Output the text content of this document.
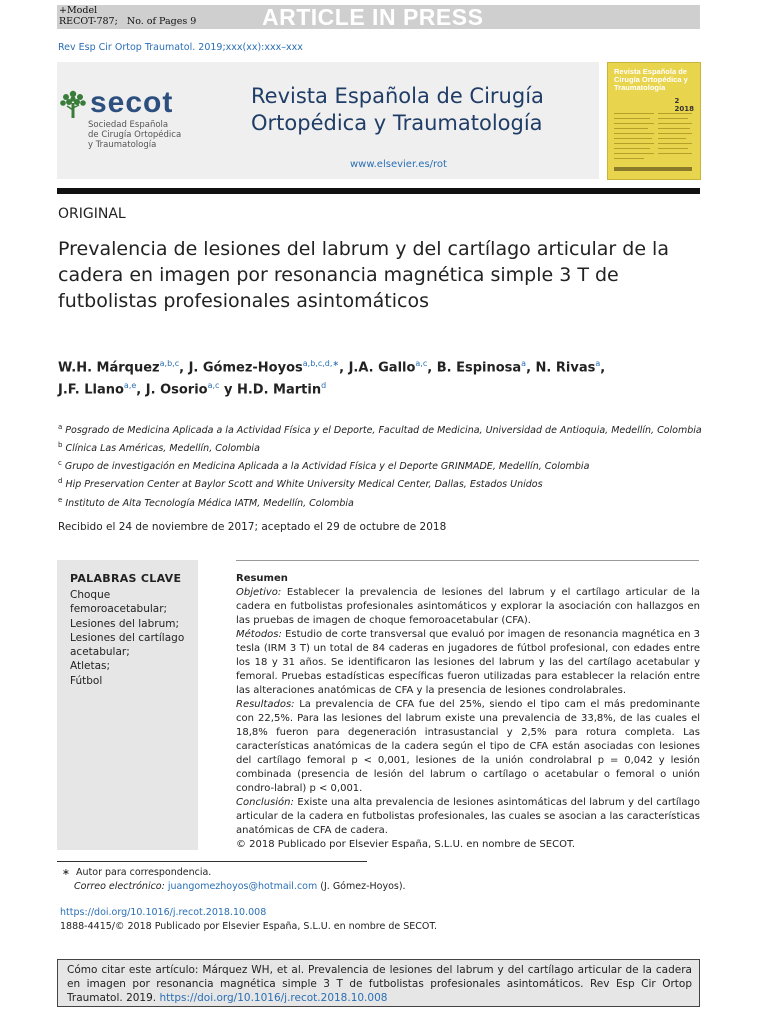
+Model
RECOT-787; No. of Pages 9	ARTICLE IN PRESS
Rev Esp Cir Ortop Traumatol. 2019;xxx(xx):xxx–xxx
secot
Sociedad Española
de Cirugía Ortopédica
y Traumatología
Revista Española de Cirugía
Ortopédica y Traumatología
www.elsevier.es/rot
Revista Española de Cirugía Ortopédica y Traumatología
2
2018
ORIGINAL
Prevalencia de lesiones del labrum y del cartílago articular de la cadera en imagen por resonancia magnética simple 3 T de futbolistas profesionales asintomáticos
W.H. Márquez$^{a,b,c}$, J. Gómez-Hoyos$^{a,b,c,d,∗}$, J.A. Gallo$^{a,c}$, B. Espinosa$^a$, N. Rivas$^a$,
J.F. Llano$^{a,e}$, J. Osorio$^{a,c}$ y H.D. Martin$^d$
$^a$ Posgrado de Medicina Aplicada a la Actividad Física y el Deporte, Facultad de Medicina, Universidad de Antioquia, Medellín, Colombia
$^b$ Clínica Las Américas, Medellín, Colombia
$^c$ Grupo de investigación en Medicina Aplicada a la Actividad Física y el Deporte GRINMADE, Medellín, Colombia
$^d$ Hip Preservation Center at Baylor Scott and White University Medical Center, Dallas, Estados Unidos
$^e$ Instituto de Alta Tecnología Médica IATM, Medellín, Colombia
Recibido el 24 de noviembre de 2017; aceptado el 29 de octubre de 2018
PALABRAS CLAVE
Choque
femoroacetabular;
Lesiones del labrum;
Lesiones del cartílago
acetabular;
Atletas;
Fútbol
Resumen
Objetivo: Establecer la prevalencia de lesiones del labrum y el cartílago articular de la cadera en futbolistas profesionales asintomáticos y explorar la asociación con hallazgos en las pruebas de imagen de choque femoroacetabular (CFA).
Métodos: Estudio de corte transversal que evaluó por imagen de resonancia magnética en 3 tesla (IRM 3 T) un total de 84 caderas en jugadores de fútbol profesional, con edades entre los 18 y 31 años. Se identificaron las lesiones del labrum y las del cartílago acetabular y femoral. Pruebas estadísticas específicas fueron utilizadas para establecer la relación entre las alteraciones anatómicas de CFA y la presencia de lesiones condrolabrales.
Resultados: La prevalencia de CFA fue del 25%, siendo el tipo cam el más predominante con 22,5%. Para las lesiones del labrum existe una prevalencia de 33,8%, de las cuales el 18,8% fueron para degeneración intrasustancial y 2,5% para rotura completa. Las características anatómicas de la cadera según el tipo de CFA están asociadas con lesiones del cartílago femoral p < 0,001, lesiones de la unión condrolabral p = 0,042 y lesión combinada (presencia de lesión del labrum o cartílago o acetabular o femoral o unión condro-labral) p < 0,001.
Conclusión: Existe una alta prevalencia de lesiones asintomáticas del labrum y del cartílago articular de la cadera en futbolistas profesionales, las cuales se asocian a las características anatómicas de CFA de cadera.
© 2018 Publicado por Elsevier España, S.L.U. en nombre de SECOT.
∗ Autor para correspondencia.
Correo electrónico: juangomezhoyos@hotmail.com (J. Gómez-Hoyos).
https://doi.org/10.1016/j.recot.2018.10.008
1888-4415/© 2018 Publicado por Elsevier España, S.L.U. en nombre de SECOT.
Cómo citar este artículo: Márquez WH, et al. Prevalencia de lesiones del labrum y del cartílago articular de la cadera en imagen por resonancia magnética simple 3 T de futbolistas profesionales asintomáticos. Rev Esp Cir Ortop Traumatol. 2019. https://doi.org/10.1016/j.recot.2018.10.008
